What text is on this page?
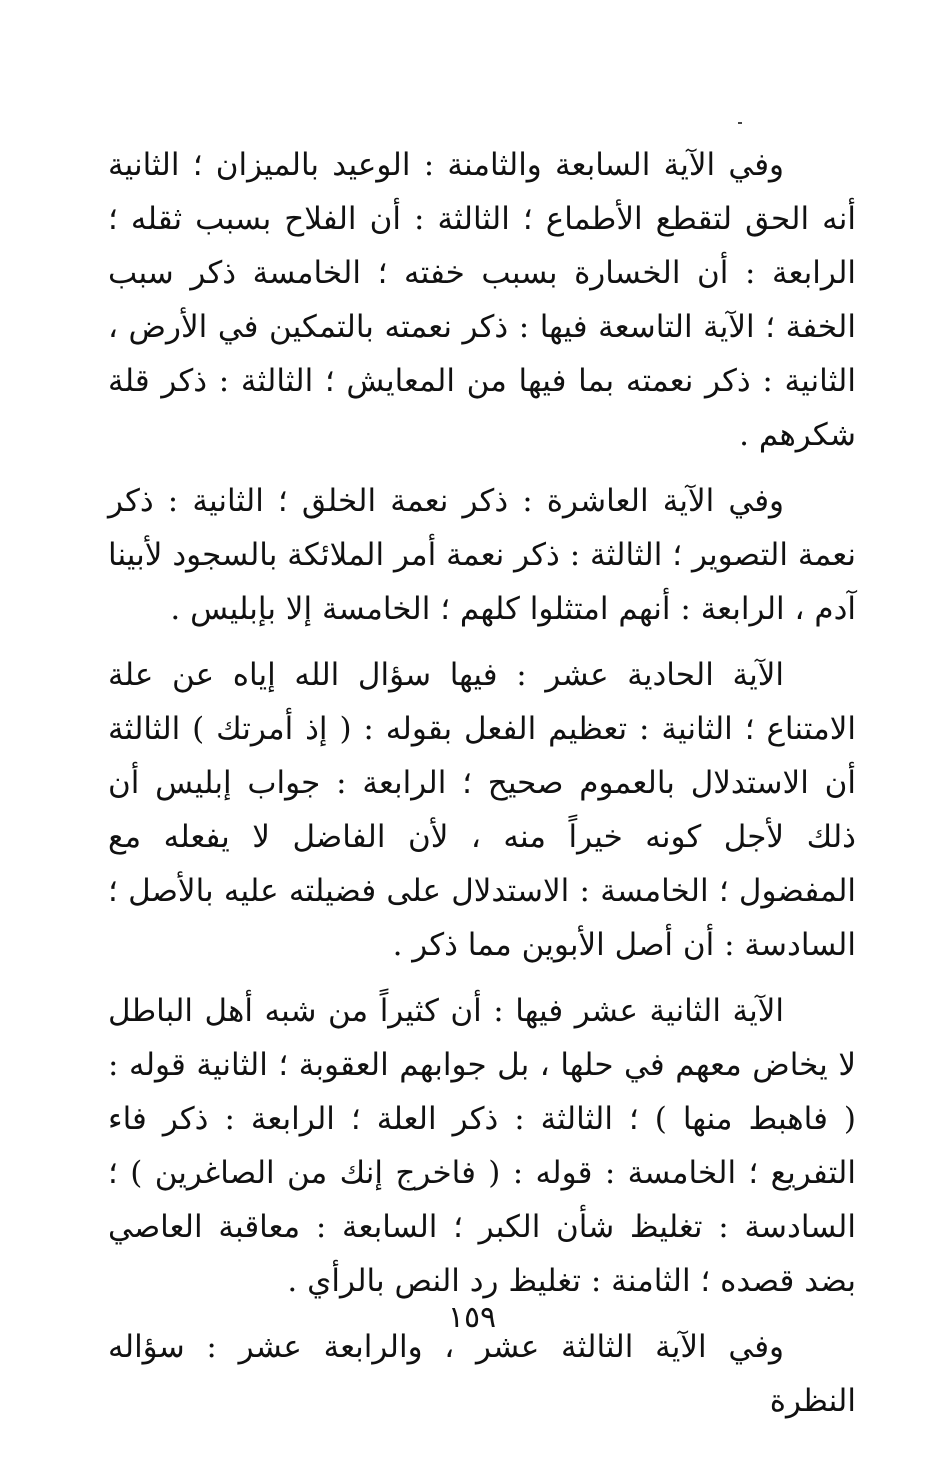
وفي الآية السابعة والثامنة : الوعيد بالميزان ؛ الثانية أنه الحق لتقطع الأطماع ؛ الثالثة : أن الفلاح بسبب ثقله ؛ الرابعة : أن الخسارة بسبب خفته ؛ الخامسة ذكر سبب الخفة ؛ الآية التاسعة فيها : ذكر نعمته بالتمكين في الأرض ، الثانية : ذكر نعمته بما فيها من المعايش ؛ الثالثة : ذكر قلة شكرهم .

وفي الآية العاشرة : ذكر نعمة الخلق ؛ الثانية : ذكر نعمة التصوير ؛ الثالثة : ذكر نعمة أمر الملائكة بالسجود لأبينا آدم ، الرابعة : أنهم امتثلوا كلهم ؛ الخامسة إلا بإبليس .

الآية الحادية عشر : فيها سؤال الله إياه عن علة الامتناع ؛ الثانية : تعظيم الفعل بقوله : ( إذ أمرتك ) الثالثة أن الاستدلال بالعموم صحيح ؛ الرابعة : جواب إبليس أن ذلك لأجل كونه خيراً منه ، لأن الفاضل لا يفعله مع المفضول ؛ الخامسة : الاستدلال على فضيلته عليه بالأصل ؛ السادسة : أن أصل الأبوين مما ذكر .

الآية الثانية عشر فيها : أن كثيراً من شبه أهل الباطل لا يخاض معهم في حلها ، بل جوابهم العقوبة ؛ الثانية قوله : ( فاهبط منها ) ؛ الثالثة : ذكر العلة ؛ الرابعة : ذكر فاء التفريع ؛ الخامسة : قوله : ( فاخرج إنك من الصاغرين ) ؛ السادسة : تغليظ شأن الكبر ؛ السابعة : معاقبة العاصي بضد قصده ؛ الثامنة : تغليظ رد النص بالرأي .

وفي الآية الثالثة عشر ، والرابعة عشر : سؤاله النظرة

١٥٩
